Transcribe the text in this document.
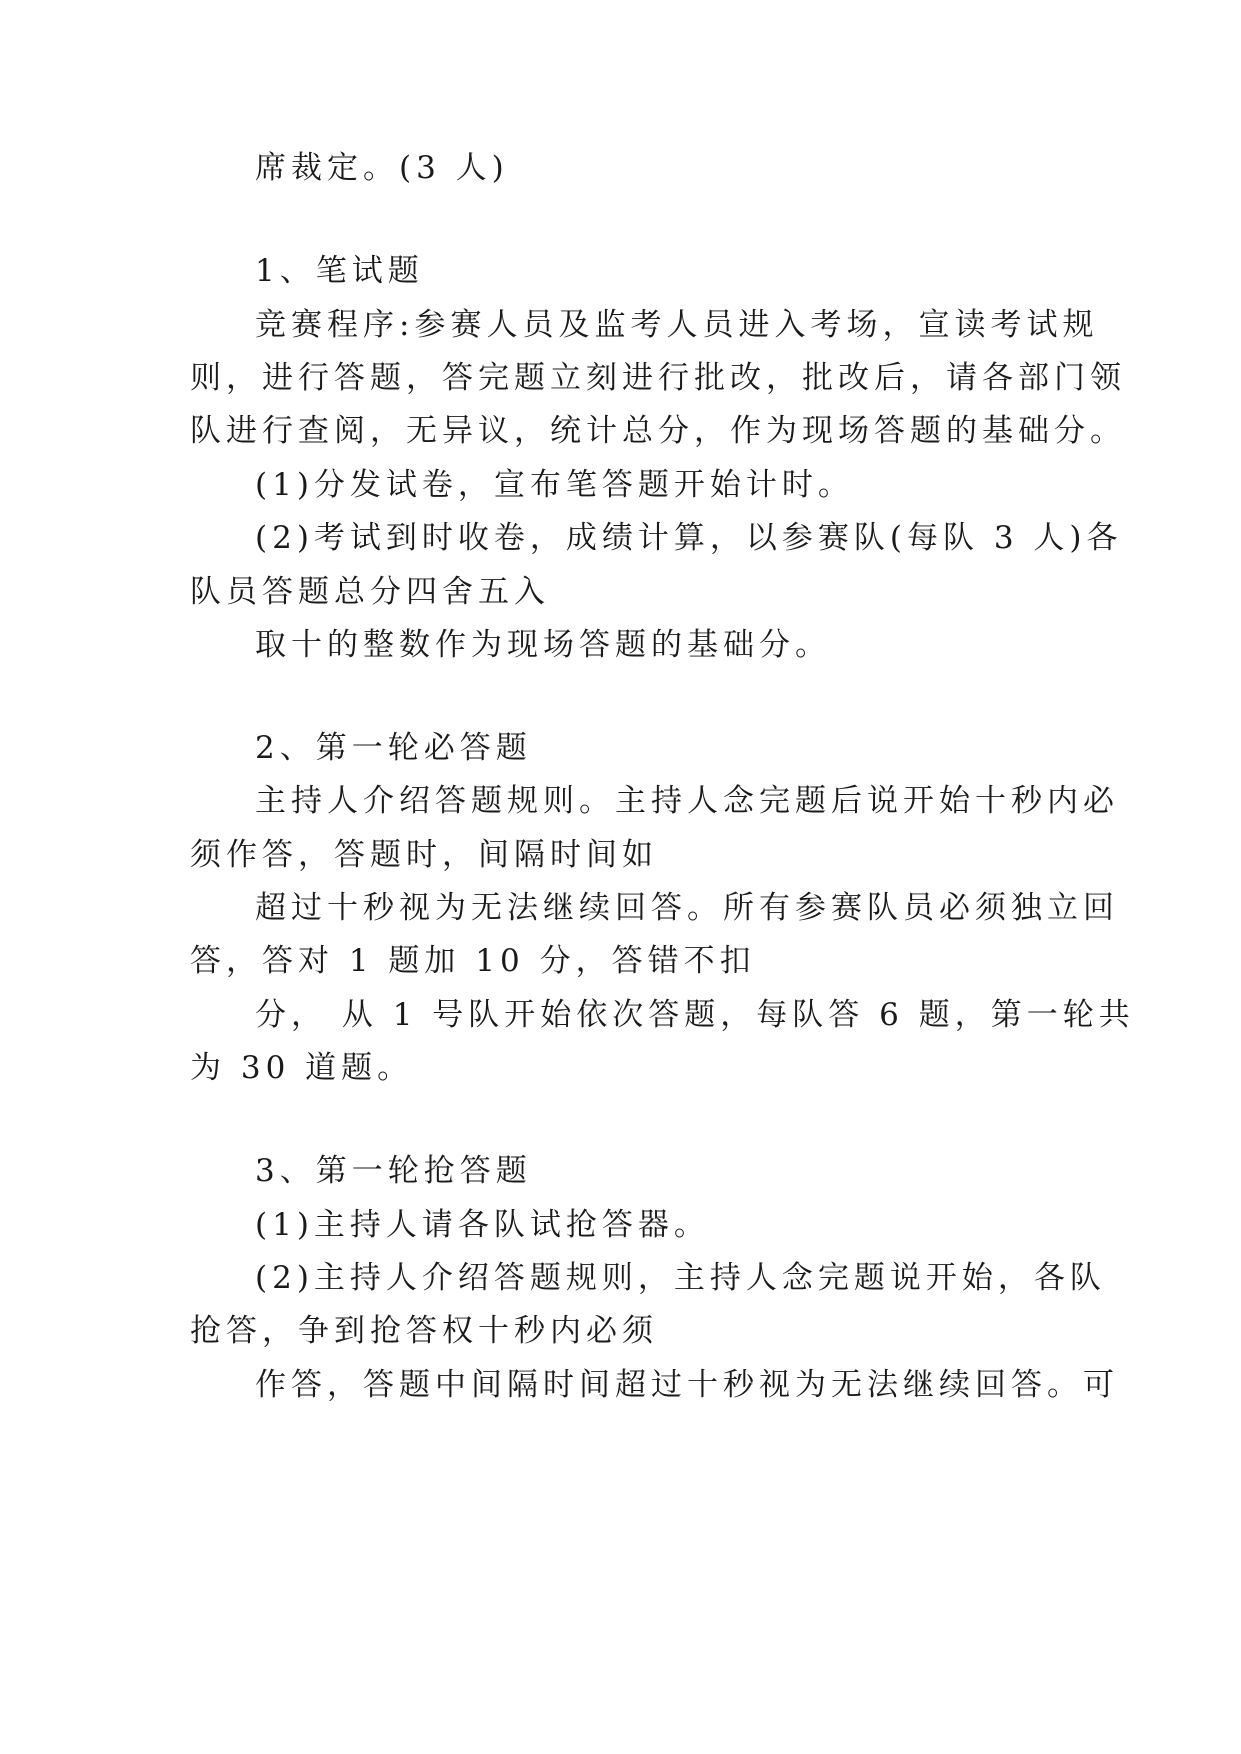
席裁定。(3 人)
1、笔试题
竞赛程序:参赛人员及监考人员进入考场，宣读考试规
则，进行答题，答完题立刻进行批改，批改后，请各部门领
队进行查阅，无异议，统计总分，作为现场答题的基础分。
(1)分发试卷，宣布笔答题开始计时。
(2)考试到时收卷，成绩计算，以参赛队(每队 3 人)各
队员答题总分四舍五入
取十的整数作为现场答题的基础分。
2、第一轮必答题
主持人介绍答题规则。主持人念完题后说开始十秒内必
须作答，答题时，间隔时间如
超过十秒视为无法继续回答。所有参赛队员必须独立回
答，答对 1 题加 10 分，答错不扣
分， 从 1 号队开始依次答题，每队答 6 题，第一轮共
为 30 道题。
3、第一轮抢答题
(1)主持人请各队试抢答器。
(2)主持人介绍答题规则，主持人念完题说开始，各队
抢答，争到抢答权十秒内必须
作答，答题中间隔时间超过十秒视为无法继续回答。可
